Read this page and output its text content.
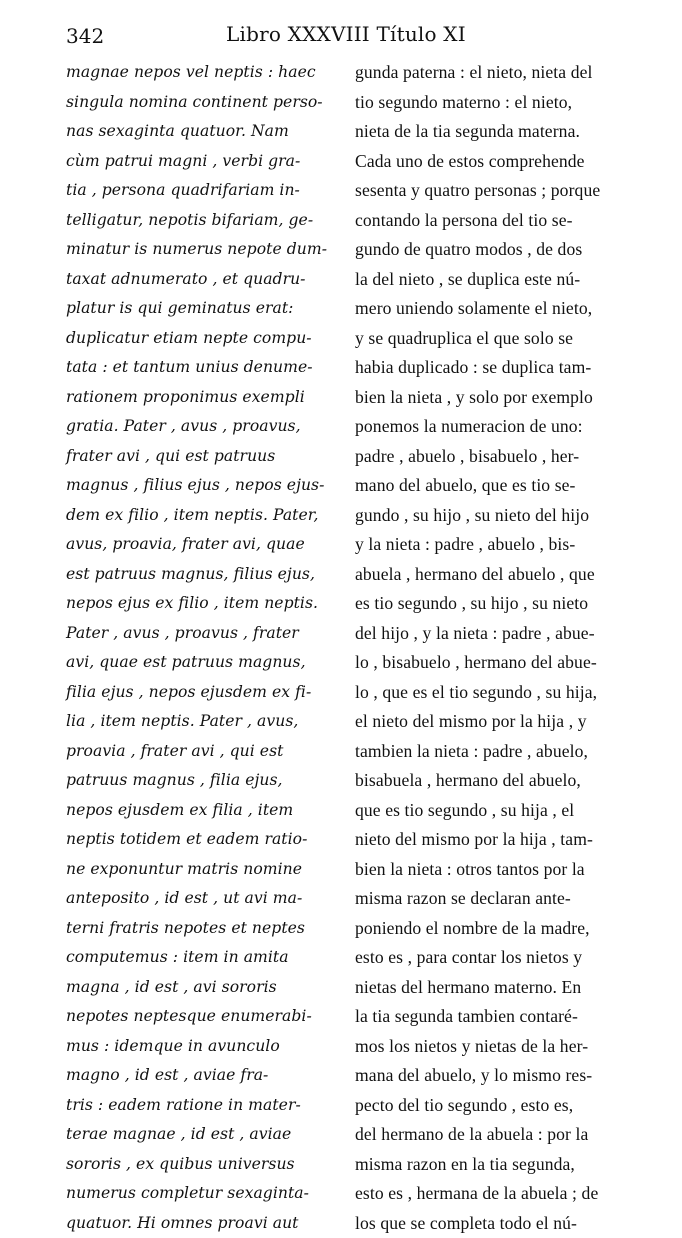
342	Libro XXXVIII Título XI
magnae nepos vel neptis : haec
singula nomina continent perso-
nas sexaginta quatuor. Nam
cùm patrui magni , verbi gra-
tia , persona quadrifariam in-
telligatur, nepotis bifariam, ge-
minatur is numerus nepote dum-
taxat adnumerato , et quadru-
platur is qui geminatus erat:
duplicatur etiam nepte compu-
tata : et tantum unius denume-
rationem proponimus exempli
gratia. Pater , avus , proavus,
frater avi , qui est patruus
magnus , filius ejus , nepos ejus-
dem ex filio , item neptis. Pater,
avus, proavia, frater avi, quae
est patruus magnus, filius ejus,
nepos ejus ex filio , item neptis.
Pater , avus , proavus , frater
avi, quae est patruus magnus,
filia ejus , nepos ejusdem ex fi-
lia , item neptis. Pater , avus,
proavia , frater avi , qui est
patruus magnus , filia ejus,
nepos ejusdem ex filia , item
neptis totidem et eadem ratio-
ne exponuntur matris nomine
anteposito , id est , ut avi ma-
terni fratris nepotes et neptes
computemus : item in amita
magna , id est , avi sororis
nepotes neptesque enumerabi-
mus : idemque in avunculo
magno , id est , aviae fra-
tris : eadem ratione in mater-
terae magnae , id est , aviae
sororis , ex quibus universus
numerus completur sexaginta-
quatuor. Hi omnes proavi aut
gunda paterna : el nieto, nieta del
tio segundo materno : el nieto,
nieta de la tia segunda materna.
Cada uno de estos comprehende
sesenta y quatro personas ; porque
contando la persona del tio se-
gundo de quatro modos , de dos
la del nieto , se duplica este nú-
mero uniendo solamente el nieto,
y se quadruplica el que solo se
habia duplicado : se duplica tam-
bien la nieta , y solo por exemplo
ponemos la numeracion de uno:
padre , abuelo , bisabuelo , her-
mano del abuelo, que es tio se-
gundo , su hijo , su nieto del hijo
y la nieta : padre , abuelo , bis-
abuela , hermano del abuelo , que
es tio segundo , su hijo , su nieto
del hijo , y la nieta : padre , abue-
lo , bisabuelo , hermano del abue-
lo , que es el tio segundo , su hija,
el nieto del mismo por la hija , y
tambien la nieta : padre , abuelo,
bisabuela , hermano del abuelo,
que es tio segundo , su hija , el
nieto del mismo por la hija , tam-
bien la nieta : otros tantos por la
misma razon se declaran ante-
poniendo el nombre de la madre,
esto es , para contar los nietos y
nietas del hermano materno. En
la tia segunda tambien contaré-
mos los nietos y nietas de la her-
mana del abuelo, y lo mismo res-
pecto del tio segundo , esto es,
del hermano de la abuela : por la
misma razon en la tia segunda,
esto es , hermana de la abuela ; de
los que se completa todo el nú-
